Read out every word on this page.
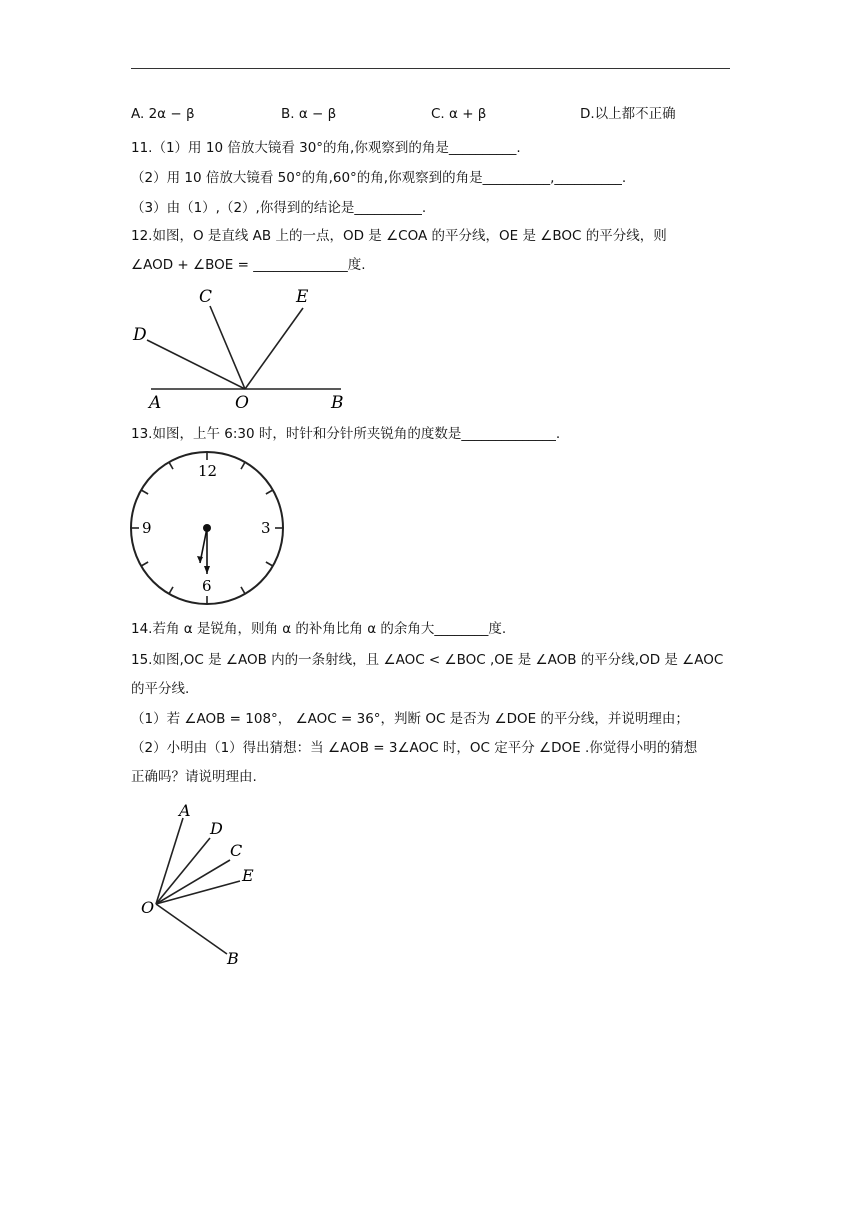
A. 2α − β	B. α − β	C. α + β	D.以上都不正确
11.（1）用 10 倍放大镜看 30°的角,你观察到的角是__________.
（2）用 10 倍放大镜看 50°的角,60°的角,你观察到的角是__________,__________.
（3）由（1）,（2）,你得到的结论是__________.
12.如图，O 是直线 AB 上的一点，OD 是 ∠COA 的平分线，OE 是 ∠BOC 的平分线，则
∠AOD + ∠BOE = ______________度.
A	O	B
D
C	E
13.如图，上午 6:30 时，时针和分针所夹锐角的度数是______________.
12
3
6
9
14.若角 α 是锐角，则角 α 的补角比角 α 的余角大________度.
15.如图,OC 是 ∠AOB 内的一条射线，且 ∠AOC < ∠BOC ,OE 是 ∠AOB 的平分线,OD 是 ∠AOC
的平分线.
（1）若 ∠AOB = 108°， ∠AOC = 36°，判断 OC 是否为 ∠DOE 的平分线，并说明理由；
（2）小明由（1）得出猜想：当 ∠AOB = 3∠AOC 时，OC 定平分 ∠DOE .你觉得小明的猜想
正确吗？请说明理由.
A
D
C
E
O
B
